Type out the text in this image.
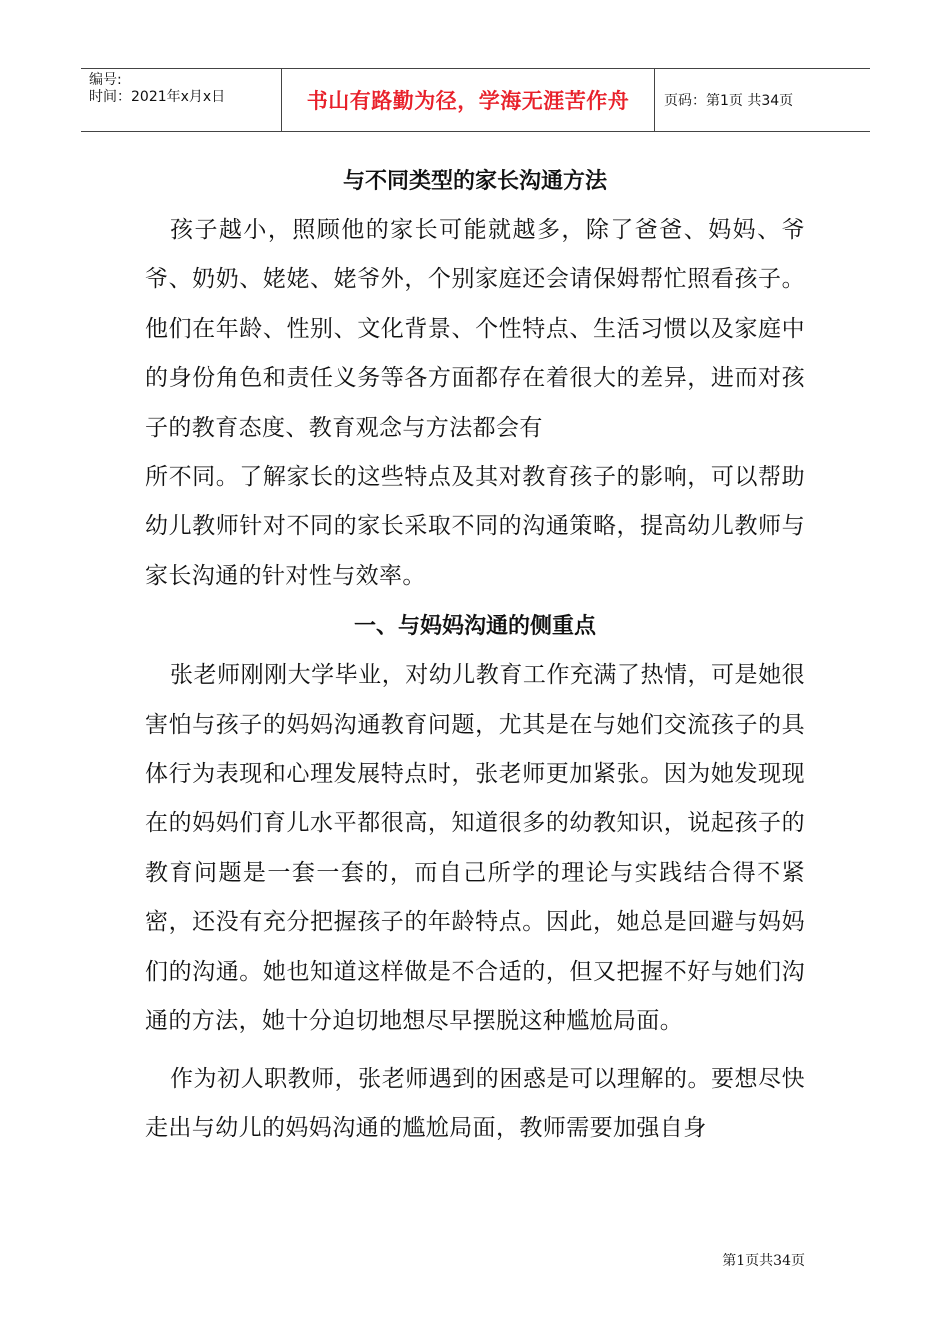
编号:
时间：2021年x月x日	书山有路勤为径，学海无涯苦作舟	页码：第1页 共34页
与不同类型的家长沟通方法

孩子越小，照顾他的家长可能就越多，除了爸爸、妈妈、爷爷、奶奶、姥姥、姥爷外，个别家庭还会请保姆帮忙照看孩子。他们在年龄、性别、文化背景、个性特点、生活习惯以及家庭中的身份角色和责任义务等各方面都存在着很大的差异，进而对孩子的教育态度、教育观念与方法都会有

所不同。了解家长的这些特点及其对教育孩子的影响，可以帮助幼儿教师针对不同的家长采取不同的沟通策略，提高幼儿教师与家长沟通的针对性与效率。

一、与妈妈沟通的侧重点

张老师刚刚大学毕业，对幼儿教育工作充满了热情，可是她很害怕与孩子的妈妈沟通教育问题，尤其是在与她们交流孩子的具体行为表现和心理发展特点时，张老师更加紧张。因为她发现现在的妈妈们育儿水平都很高，知道很多的幼教知识，说起孩子的教育问题是一套一套的，而自己所学的理论与实践结合得不紧密，还没有充分把握孩子的年龄特点。因此，她总是回避与妈妈们的沟通。她也知道这样做是不合适的，但又把握不好与她们沟通的方法，她十分迫切地想尽早摆脱这种尴尬局面。

作为初人职教师，张老师遇到的困惑是可以理解的。要想尽快走出与幼儿的妈妈沟通的尴尬局面，教师需要加强自身

第1页共34页
